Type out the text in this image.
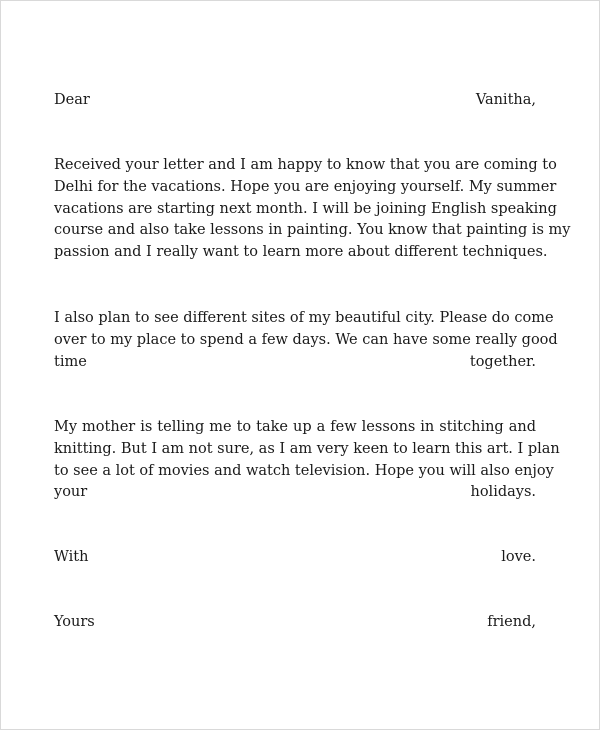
Dear	Vanitha,
Received your letter and I am happy to know that you are coming to
Delhi for the vacations. Hope you are enjoying yourself. My summer
vacations are starting next month. I will be joining English speaking
course and also take lessons in painting. You know that painting is my
passion and I really want to learn more about different techniques.
I also plan to see different sites of my beautiful city. Please do come
over to my place to spend a few days. We can have some really good
time	together.
My mother is telling me to take up a few lessons in stitching and
knitting. But I am not sure, as I am very keen to learn this art. I plan
to see a lot of movies and watch television. Hope you will also enjoy
your	holidays.
With	love.
Yours	friend,
